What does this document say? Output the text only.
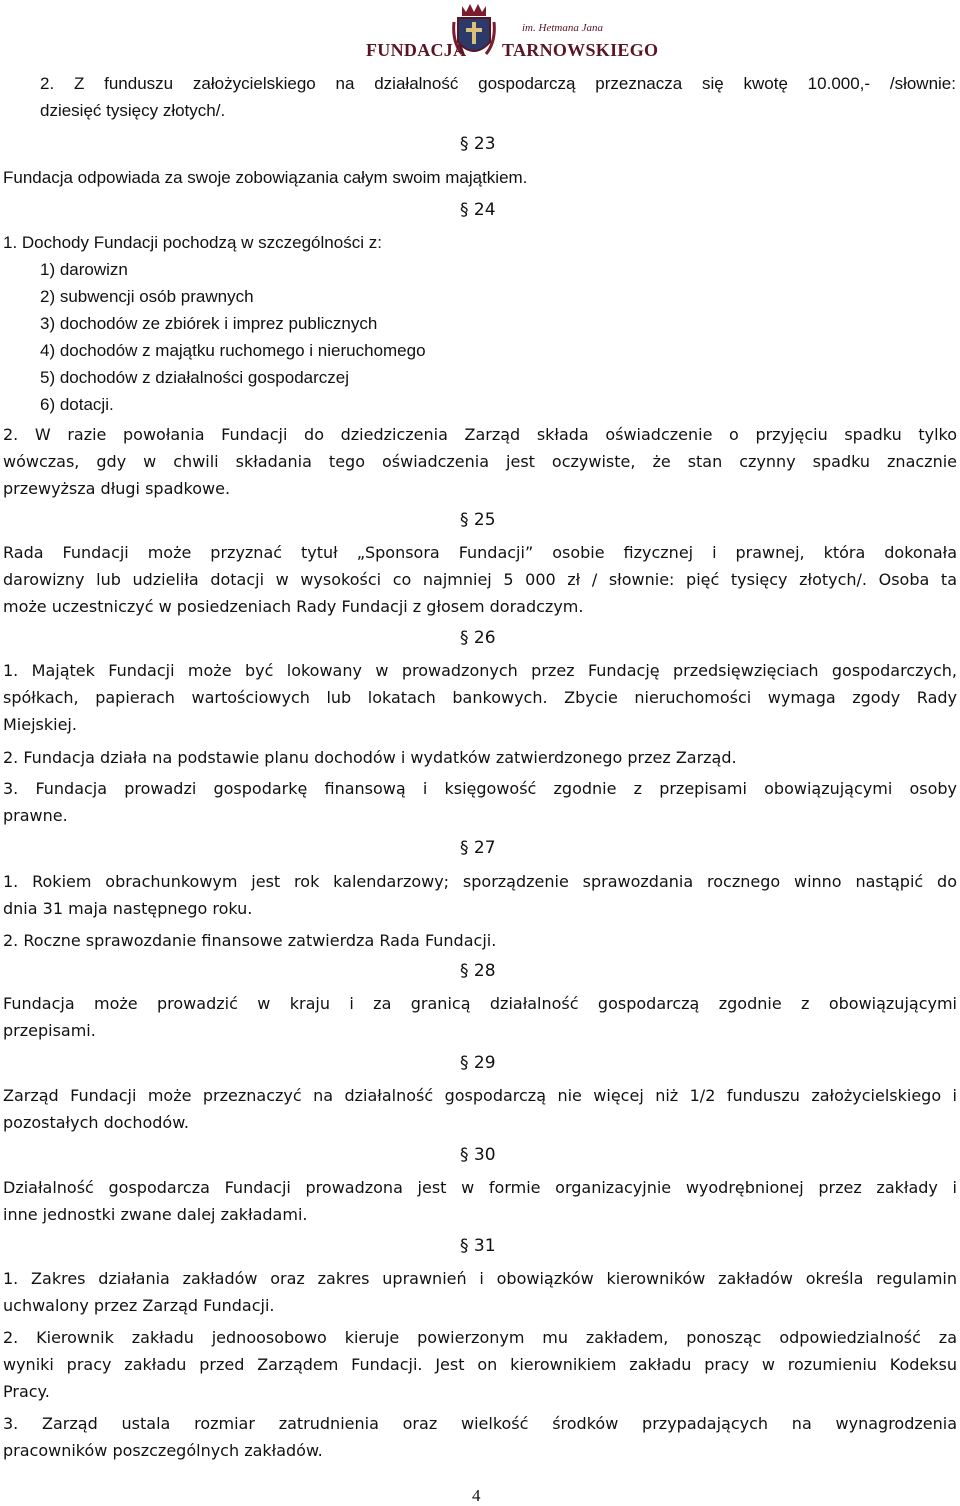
im. Hetmana Jana
FUNDACJA TARNOWSKIEGO
2. Z funduszu założycielskiego na działalność gospodarczą przeznacza się kwotę 10.000,- /słownie:
dziesięć tysięcy złotych/.
§ 23
Fundacja odpowiada za swoje zobowiązania całym swoim majątkiem.
§ 24
1. Dochody Fundacji pochodzą w szczególności z:
1) darowizn
2) subwencji osób prawnych
3) dochodów ze zbiórek i imprez publicznych
4) dochodów z majątku ruchomego i nieruchomego
5) dochodów z działalności gospodarczej
6) dotacji.
2. W razie powołania Fundacji do dziedziczenia Zarząd składa oświadczenie o przyjęciu spadku tylko
wówczas, gdy w chwili składania tego oświadczenia jest oczywiste, że stan czynny spadku znacznie
przewyższa długi spadkowe.
§ 25
Rada Fundacji może przyznać tytuł „Sponsora Fundacji” osobie fizycznej i prawnej, która dokonała
darowizny lub udzieliła dotacji w wysokości co najmniej 5 000 zł / słownie: pięć tysięcy złotych/. Osoba ta
może uczestniczyć w posiedzeniach Rady Fundacji z głosem doradczym.
§ 26
1. Majątek Fundacji może być lokowany w prowadzonych przez Fundację przedsięwzięciach gospodarczych,
spółkach, papierach wartościowych lub lokatach bankowych. Zbycie nieruchomości wymaga zgody Rady
Miejskiej.
2. Fundacja działa na podstawie planu dochodów i wydatków zatwierdzonego przez Zarząd.
3. Fundacja prowadzi gospodarkę finansową i księgowość zgodnie z przepisami obowiązującymi osoby
prawne.
§ 27
1. Rokiem obrachunkowym jest rok kalendarzowy; sporządzenie sprawozdania rocznego winno nastąpić do
dnia 31 maja następnego roku.
2. Roczne sprawozdanie finansowe zatwierdza Rada Fundacji.
§ 28
Fundacja może prowadzić w kraju i za granicą działalność gospodarczą zgodnie z obowiązującymi
przepisami.
§ 29
Zarząd Fundacji może przeznaczyć na działalność gospodarczą nie więcej niż 1/2 funduszu założycielskiego i
pozostałych dochodów.
§ 30
Działalność gospodarcza Fundacji prowadzona jest w formie organizacyjnie wyodrębnionej przez zakłady i
inne jednostki zwane dalej zakładami.
§ 31
1. Zakres działania zakładów oraz zakres uprawnień i obowiązków kierowników zakładów określa regulamin
uchwalony przez Zarząd Fundacji.
2. Kierownik zakładu jednoosobowo kieruje powierzonym mu zakładem, ponosząc odpowiedzialność za
wyniki pracy zakładu przed Zarządem Fundacji. Jest on kierownikiem zakładu pracy w rozumieniu Kodeksu
Pracy.
3. Zarząd ustala rozmiar zatrudnienia oraz wielkość środków przypadających na wynagrodzenia
pracowników poszczególnych zakładów.
4
